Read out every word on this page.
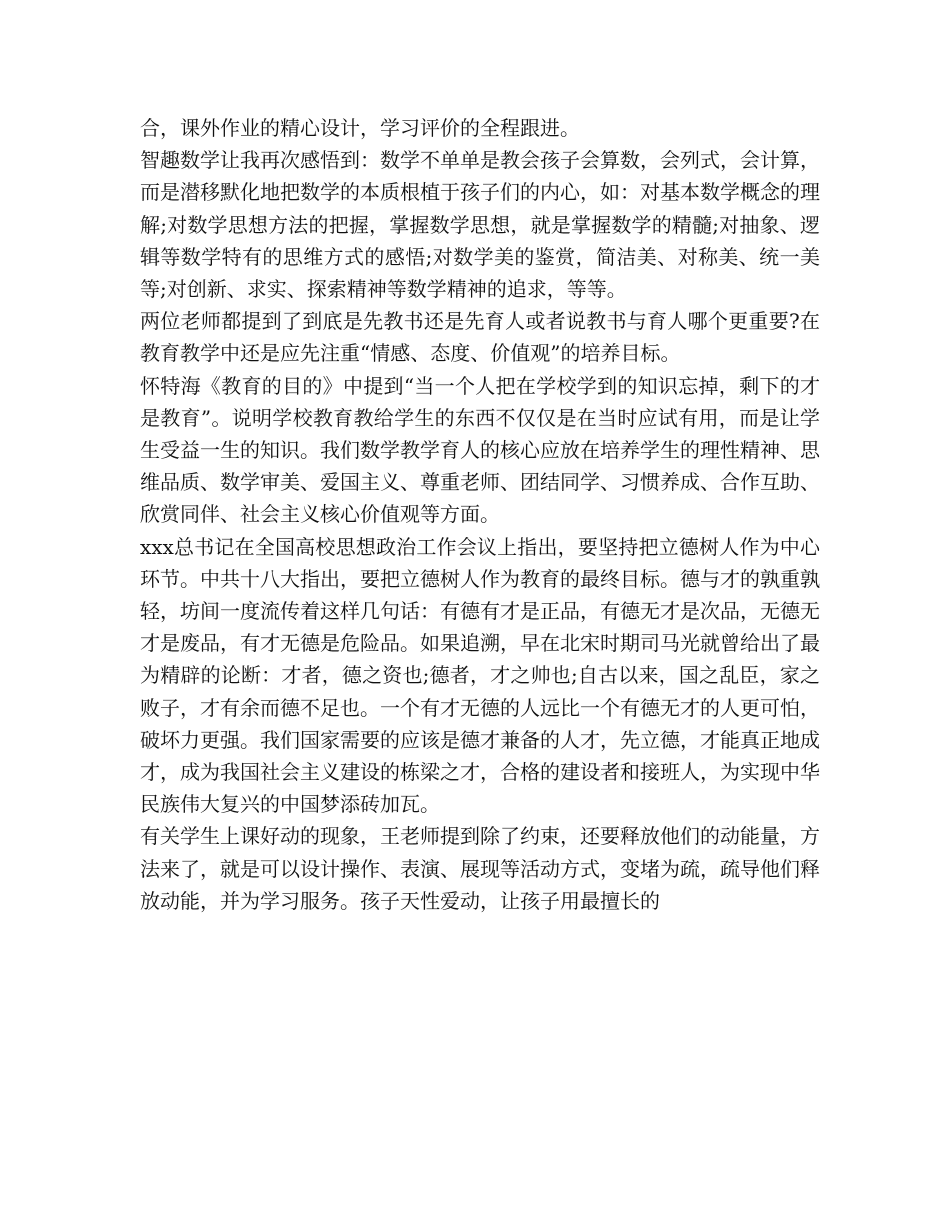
合，课外作业的精心设计，学习评价的全程跟进。

智趣数学让我再次感悟到：数学不单单是教会孩子会算数，会列式，会计算，而是潜移默化地把数学的本质根植于孩子们的内心，如：对基本数学概念的理解;对数学思想方法的把握，掌握数学思想，就是掌握数学的精髓;对抽象、逻辑等数学特有的思维方式的感悟;对数学美的鉴赏，简洁美、对称美、统一美等;对创新、求实、探索精神等数学精神的追求，等等。

两位老师都提到了到底是先教书还是先育人或者说教书与育人哪个更重要?在教育教学中还是应先注重“情感、态度、价值观”的培养目标。

怀特海《教育的目的》中提到“当一个人把在学校学到的知识忘掉，剩下的才是教育”。说明学校教育教给学生的东西不仅仅是在当时应试有用，而是让学生受益一生的知识。我们数学教学育人的核心应放在培养学生的理性精神、思维品质、数学审美、爱国主义、尊重老师、团结同学、习惯养成、合作互助、欣赏同伴、社会主义核心价值观等方面。

xxx总书记在全国高校思想政治工作会议上指出，要坚持把立德树人作为中心环节。中共十八大指出，要把立德树人作为教育的最终目标。德与才的孰重孰轻，坊间一度流传着这样几句话：有德有才是正品，有德无才是次品，无德无才是废品，有才无德是危险品。如果追溯，早在北宋时期司马光就曾给出了最为精辟的论断：才者，德之资也;德者，才之帅也;自古以来，国之乱臣，家之败子，才有余而德不足也。一个有才无德的人远比一个有德无才的人更可怕，破坏力更强。我们国家需要的应该是德才兼备的人才，先立德，才能真正地成才，成为我国社会主义建设的栋梁之才，合格的建设者和接班人，为实现中华民族伟大复兴的中国梦添砖加瓦。

有关学生上课好动的现象，王老师提到除了约束，还要释放他们的动能量，方法来了，就是可以设计操作、表演、展现等活动方式，变堵为疏，疏导他们释放动能，并为学习服务。孩子天性爱动，让孩子用最擅长的
